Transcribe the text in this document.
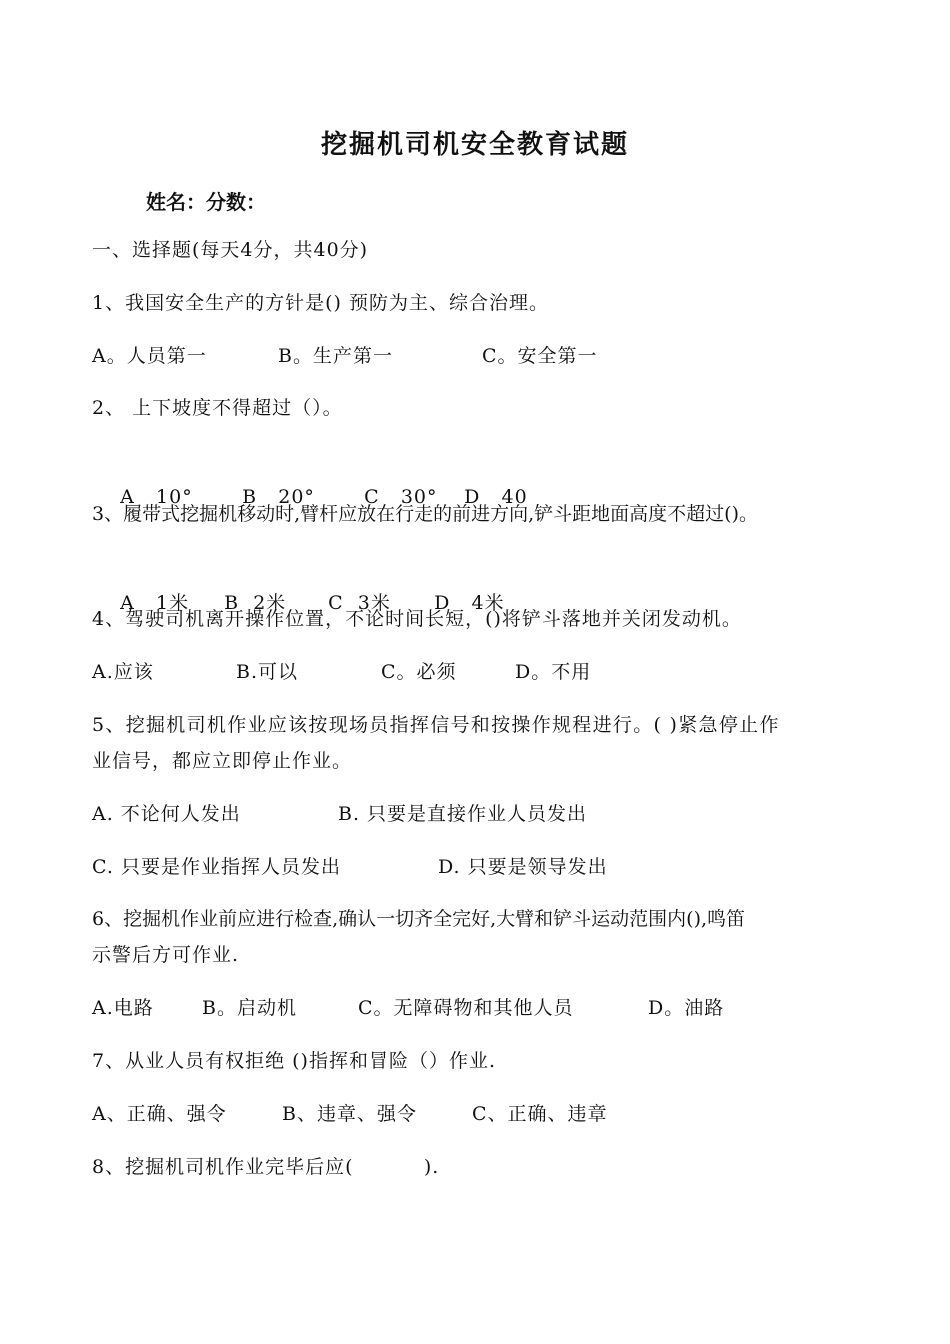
挖掘机司机安全教育试题
姓名：分数：
一、选择题(每天4分，共40分)
1、我国安全生产的方针是() 预防为主、综合治理。
A。人员第一	B。生产第一	C。安全第一
2、 上下坡度不得超过（）。

A   10°	B   20°	C   30° D   40

3、履带式挖掘机移动时,臂杆应放在行走的前进方向,铲斗距地面高度不超过()。

A   1米 B  2米 C  3米 D   4米

4、驾驶司机离开操作位置，不论时间长短，()将铲斗落地并关闭发动机。
A.应该	B.可以	C。必须	D。不用
5、挖掘机司机作业应该按现场员指挥信号和按操作规程进行。( )紧急停止作
业信号，都应立即停止作业。
A. 不论何人发出	B. 只要是直接作业人员发出
C. 只要是作业指挥人员发出	D. 只要是领导发出
6、挖掘机作业前应进行检查,确认一切齐全完好,大臂和铲斗运动范围内(),鸣笛
示警后方可作业.
A.电路	B。启动机	C。无障碍物和其他人员	D。油路
7、从业人员有权拒绝 ()指挥和冒险（）作业.
A、正确、强令	B、违章、强令	C、正确、违章
8、挖掘机司机作业完毕后应(          ).
